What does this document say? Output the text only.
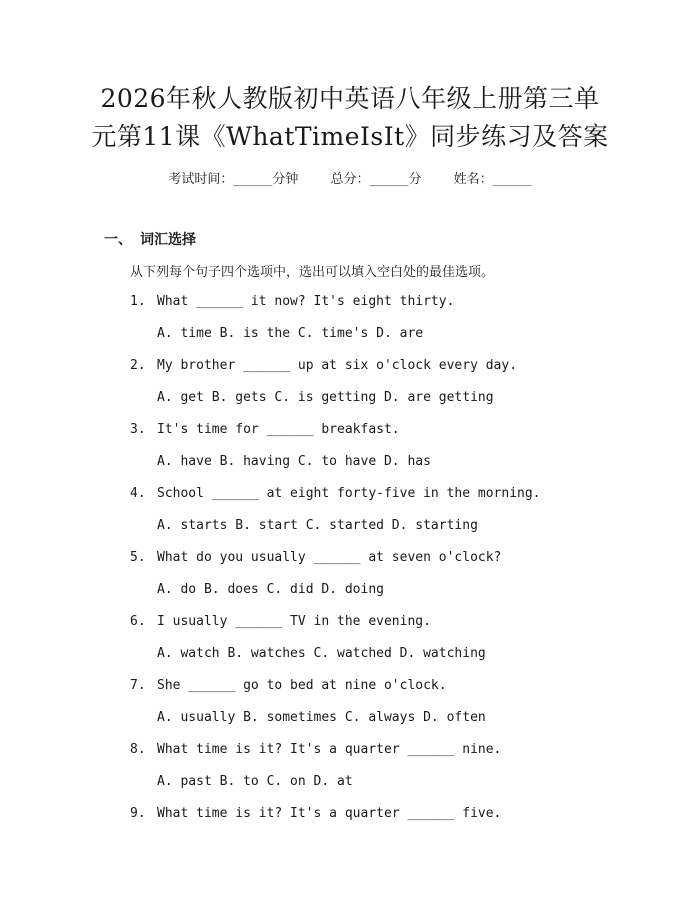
2026年秋人教版初中英语八年级上册第三单
元第11课《WhatTimeIsIt》同步练习及答案
考试时间：______分钟 总分：______分 姓名：______
一、 词汇选择
从下列每个句子四个选项中，选出可以填入空白处的最佳选项。
1. What ______ it now? It's eight thirty.
A. time B. is the C. time's D. are
2. My brother ______ up at six o'clock every day.
A. get B. gets C. is getting D. are getting
3. It's time for ______ breakfast.
A. have B. having C. to have D. has
4. School ______ at eight forty-five in the morning.
A. starts B. start C. started D. starting
5. What do you usually ______ at seven o'clock?
A. do B. does C. did D. doing
6. I usually ______ TV in the evening.
A. watch B. watches C. watched D. watching
7. She ______ go to bed at nine o'clock.
A. usually B. sometimes C. always D. often
8. What time is it? It's a quarter ______ nine.
A. past B. to C. on D. at
9. What time is it? It's a quarter ______ five.
